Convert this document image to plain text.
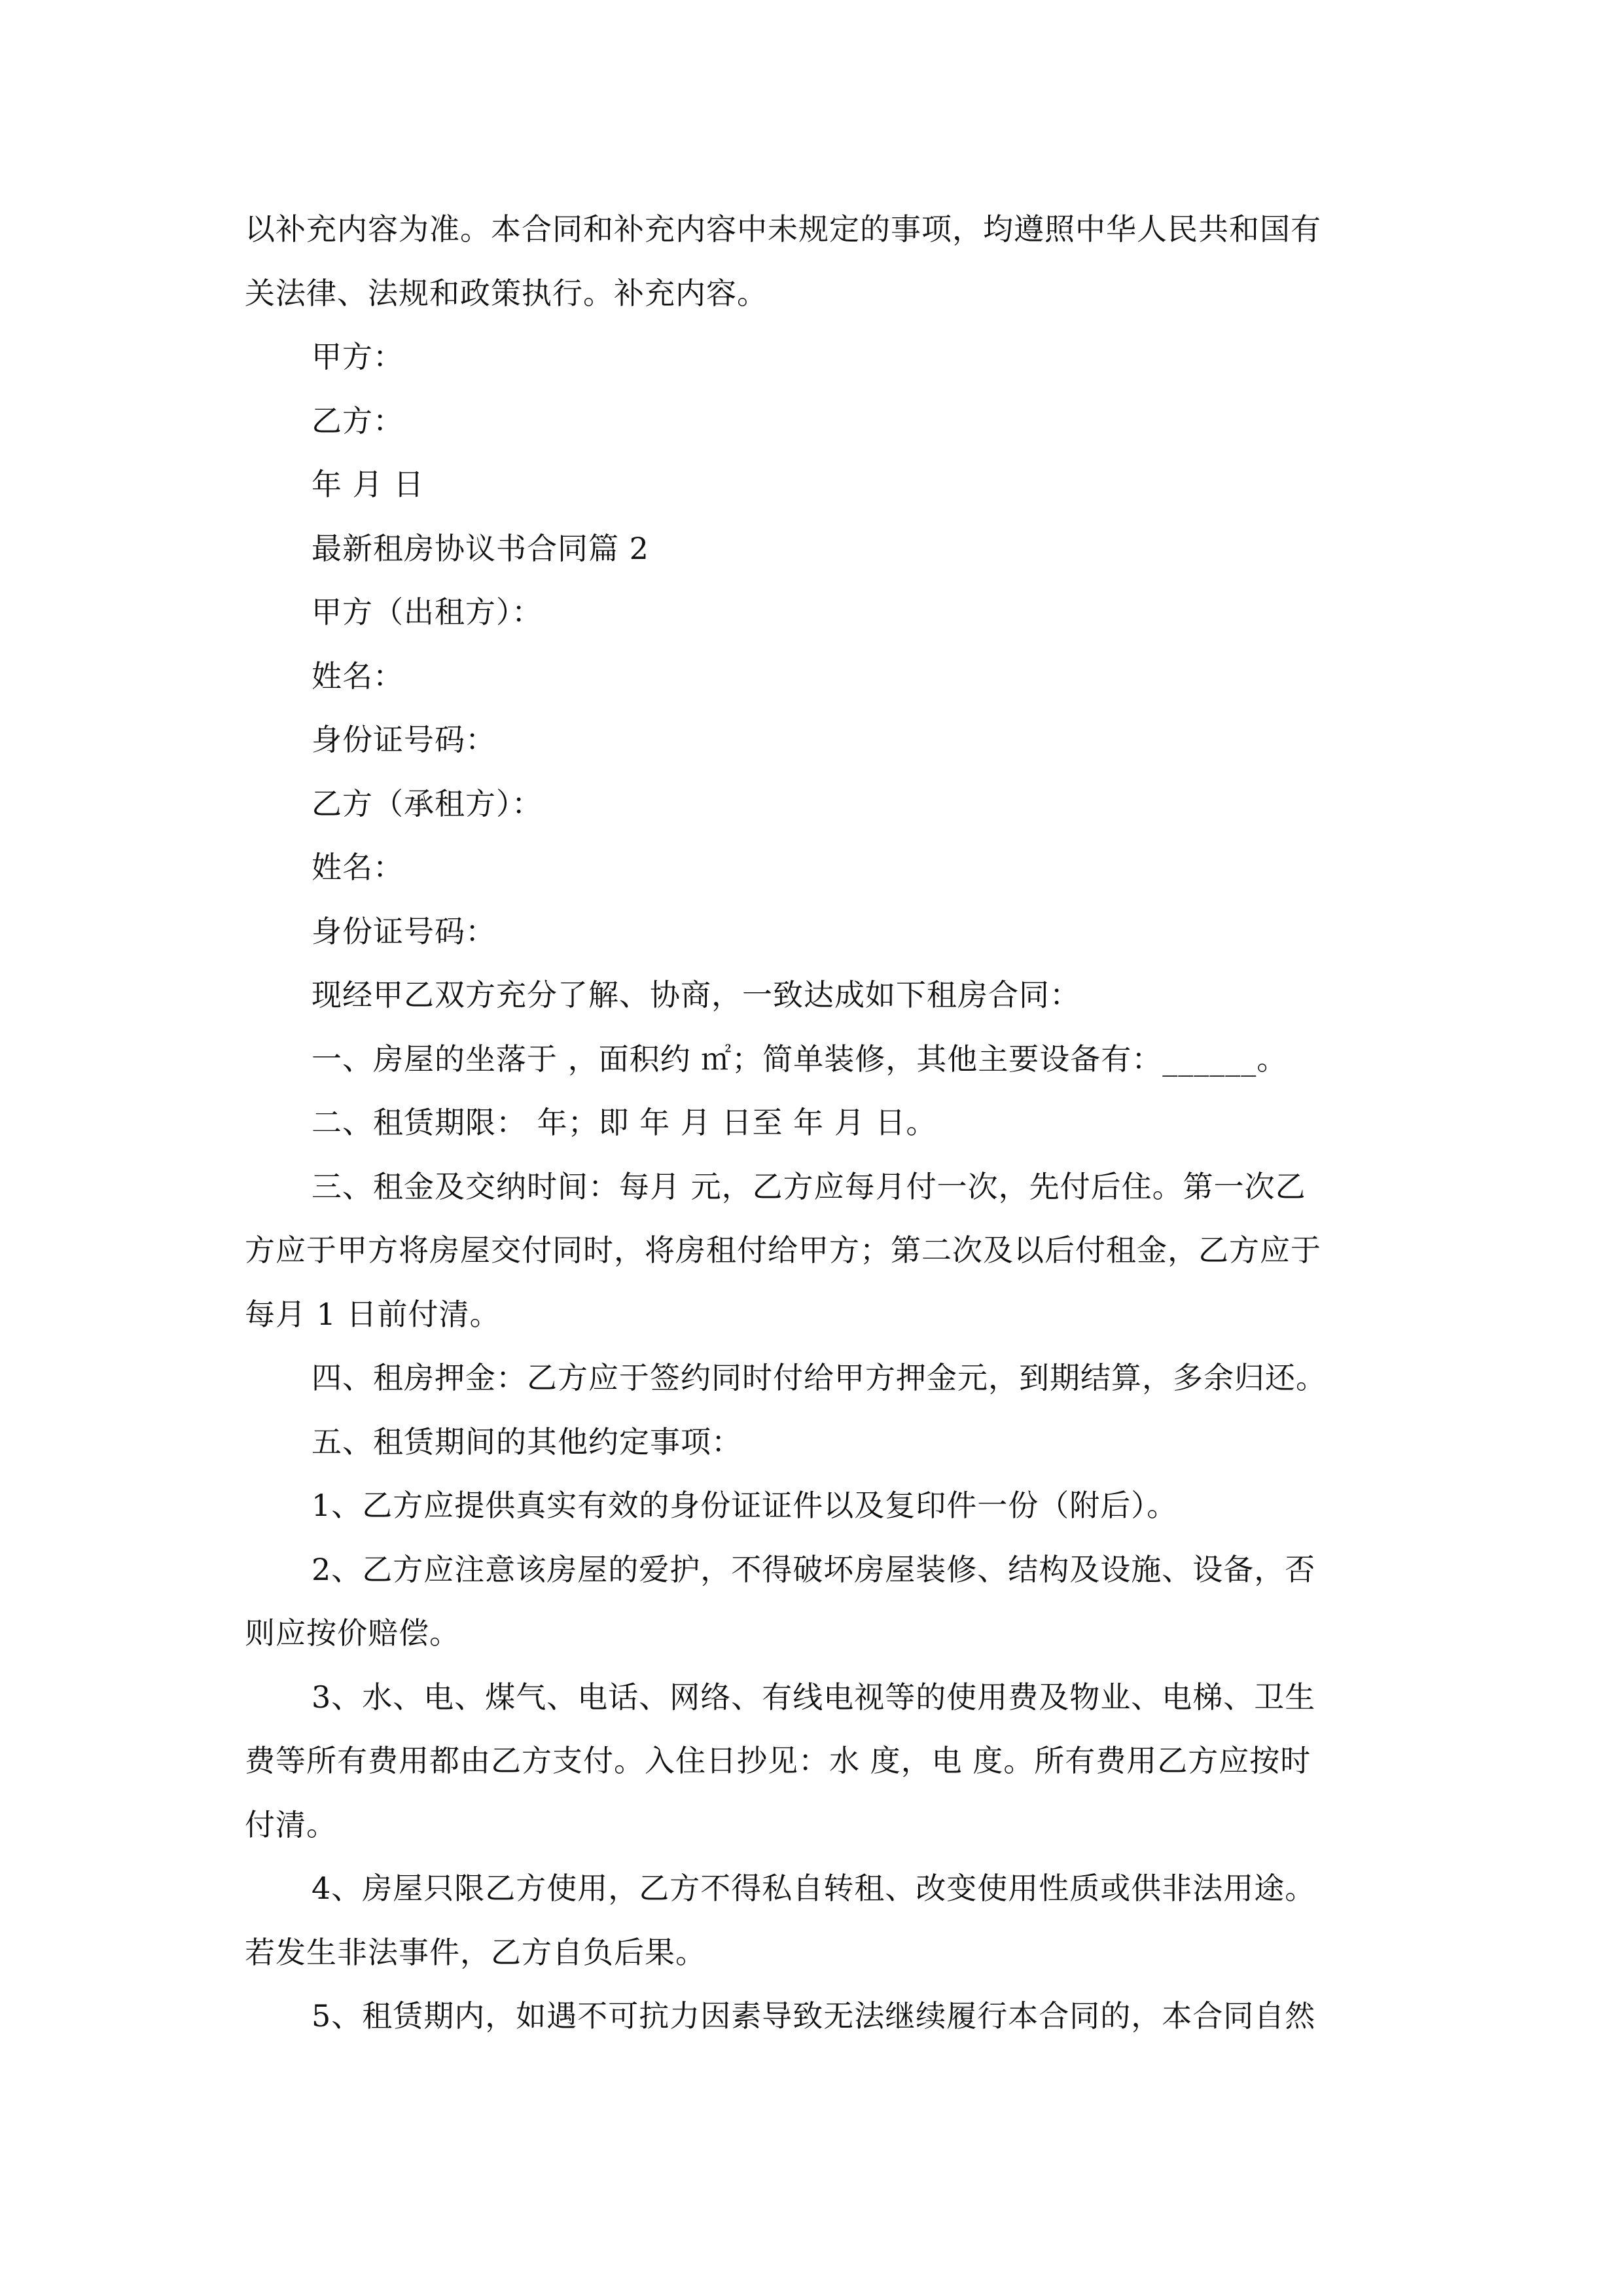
以补充内容为准。本合同和补充内容中未规定的事项，均遵照中华人民共和国有
关法律、法规和政策执行。补充内容。
甲方：
乙方：
年 月 日
最新租房协议书合同篇 2
甲方（出租方）：
姓名：
身份证号码：
乙方（承租方）：
姓名：
身份证号码：
现经甲乙双方充分了解、协商，一致达成如下租房合同：
一、房屋的坐落于 ，面积约 ㎡；简单装修，其他主要设备有：______。
二、租赁期限： 年；即 年 月 日至 年 月 日。
三、租金及交纳时间：每月 元，乙方应每月付一次，先付后住。第一次乙
方应于甲方将房屋交付同时，将房租付给甲方；第二次及以后付租金，乙方应于
每月 1 日前付清。
四、租房押金：乙方应于签约同时付给甲方押金元，到期结算，多余归还。
五、租赁期间的其他约定事项：
1、乙方应提供真实有效的身份证证件以及复印件一份（附后）。
2、乙方应注意该房屋的爱护，不得破坏房屋装修、结构及设施、设备，否
则应按价赔偿。
3、水、电、煤气、电话、网络、有线电视等的使用费及物业、电梯、卫生
费等所有费用都由乙方支付。入住日抄见：水 度，电 度。所有费用乙方应按时
付清。
4、房屋只限乙方使用，乙方不得私自转租、改变使用性质或供非法用途。
若发生非法事件，乙方自负后果。
5、租赁期内，如遇不可抗力因素导致无法继续履行本合同的，本合同自然
